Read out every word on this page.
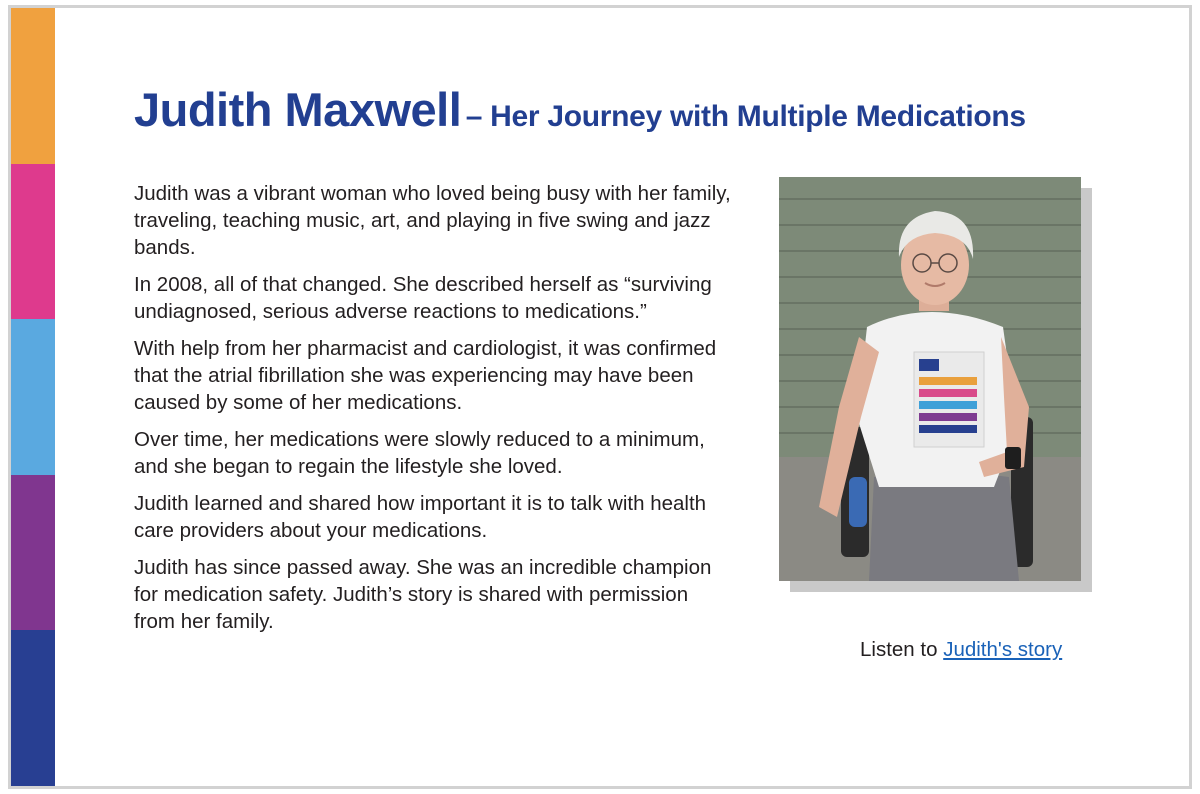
Judith Maxwell – Her Journey with Multiple Medications

Judith was a vibrant woman who loved being busy with her family, traveling, teaching music, art, and playing in five swing and jazz bands.

In 2008, all of that changed. She described herself as “surviving undiagnosed, serious adverse reactions to medications.”

With help from her pharmacist and cardiologist, it was confirmed that the atrial fibrillation she was experiencing may have been caused by some of her medications.

Over time, her medications were slowly reduced to a minimum, and she began to regain the lifestyle she loved.

Judith learned and shared how important it is to talk with health care providers about your medications.

Judith has since passed away. She was an incredible champion for medication safety. Judith’s story is shared with permission from her family.

Listen to Judith's story
